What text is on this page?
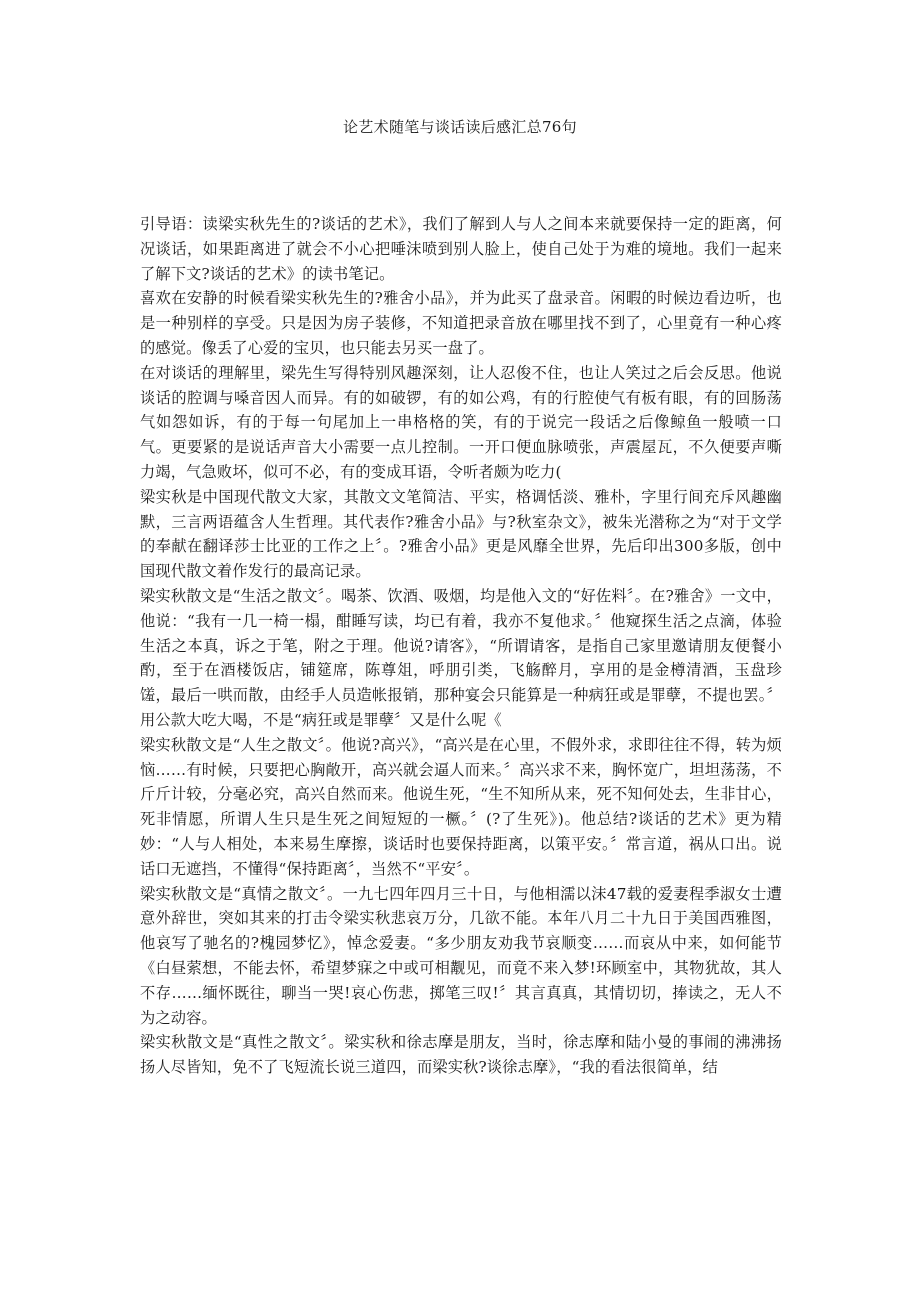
论艺术随笔与谈话读后感汇总76句

引导语：读梁实秋先生的?谈话的艺术》，我们了解到人与人之间本来就要保持一定的距离，何况谈话，如果距离进了就会不小心把唾沫喷到别人脸上，使自己处于为难的境地。我们一起来了解下文?谈话的艺术》的读书笔记。

喜欢在安静的时候看梁实秋先生的?雅舍小品》，并为此买了盘录音。闲暇的时候边看边听，也是一种别样的享受。只是因为房子装修，不知道把录音放在哪里找不到了，心里竟有一种心疼的感觉。像丢了心爱的宝贝，也只能去另买一盘了。

在对谈话的理解里，梁先生写得特别风趣深刻，让人忍俊不住，也让人笑过之后会反思。他说谈话的腔调与嗓音因人而异。有的如破锣，有的如公鸡，有的行腔使气有板有眼，有的回肠荡气如怨如诉，有的于每一句尾加上一串格格的笑，有的于说完一段话之后像鲸鱼一般喷一口气。更要紧的是说话声音大小需要一点儿控制。一开口便血脉喷张，声震屋瓦，不久便要声嘶力竭，气急败坏，似可不必，有的变成耳语，令听者颇为吃力(

梁实秋是中国现代散文大家，其散文文笔简洁、平实，格调恬淡、雅朴，字里行间充斥风趣幽默，三言两语蕴含人生哲理。其代表作?雅舍小品》与?秋室杂文》，被朱光潜称之为“对于文学的奉献在翻译莎士比亚的工作之上〞。?雅舍小品》更是风靡全世界，先后印出300多版，创中国现代散文着作发行的最高记录。

梁实秋散文是“生活之散文〞。喝茶、饮酒、吸烟，均是他入文的“好佐料〞。在?雅舍》一文中，他说：“我有一几一椅一榻，酣睡写读，均已有着，我亦不复他求。〞他窥探生活之点滴，体验生活之本真，诉之于笔，附之于理。他说?请客》，“所谓请客，是指自己家里邀请朋友便餐小酌，至于在酒楼饭店，铺筵席，陈尊俎，呼朋引类，飞觞醉月，享用的是金樽清酒，玉盘珍馐，最后一哄而散，由经手人员造帐报销，那种宴会只能算是一种病狂或是罪孽，不提也罢。〞用公款大吃大喝，不是“病狂或是罪孽〞又是什么呢《

梁实秋散文是“人生之散文〞。他说?高兴》，“高兴是在心里，不假外求，求即往往不得，转为烦恼……有时候，只要把心胸敞开，高兴就会逼人而来。〞高兴求不来，胸怀宽广，坦坦荡荡，不斤斤计较，分毫必究，高兴自然而来。他说生死，“生不知所从来，死不知何处去，生非甘心，死非情愿，所谓人生只是生死之间短短的一橛。〞(?了生死》)。他总结?谈话的艺术》更为精妙：“人与人相处，本来易生摩擦，谈话时也要保持距离，以策平安。〞常言道，祸从口出。说话口无遮挡，不懂得“保持距离〞，当然不“平安〞。

梁实秋散文是“真情之散文〞。一九七四年四月三十日，与他相濡以沫47载的爱妻程季淑女士遭意外辞世，突如其来的打击令梁实秋悲哀万分，几欲不能。本年八月二十九日于美国西雅图，他哀写了驰名的?槐园梦忆》，悼念爱妻。“多少朋友劝我节哀顺变……而哀从中来，如何能节《白昼萦想，不能去怀，希望梦寐之中或可相觏见，而竟不来入梦!环顾室中，其物犹故，其人不存……缅怀既往，聊当一哭!哀心伤悲，掷笔三叹!〞其言真真，其情切切，捧读之，无人不为之动容。

梁实秋散文是“真性之散文〞。梁实秋和徐志摩是朋友，当时，徐志摩和陆小曼的事闹的沸沸扬扬人尽皆知，免不了飞短流长说三道四，而梁实秋?谈徐志摩》，“我的看法很简单，结
